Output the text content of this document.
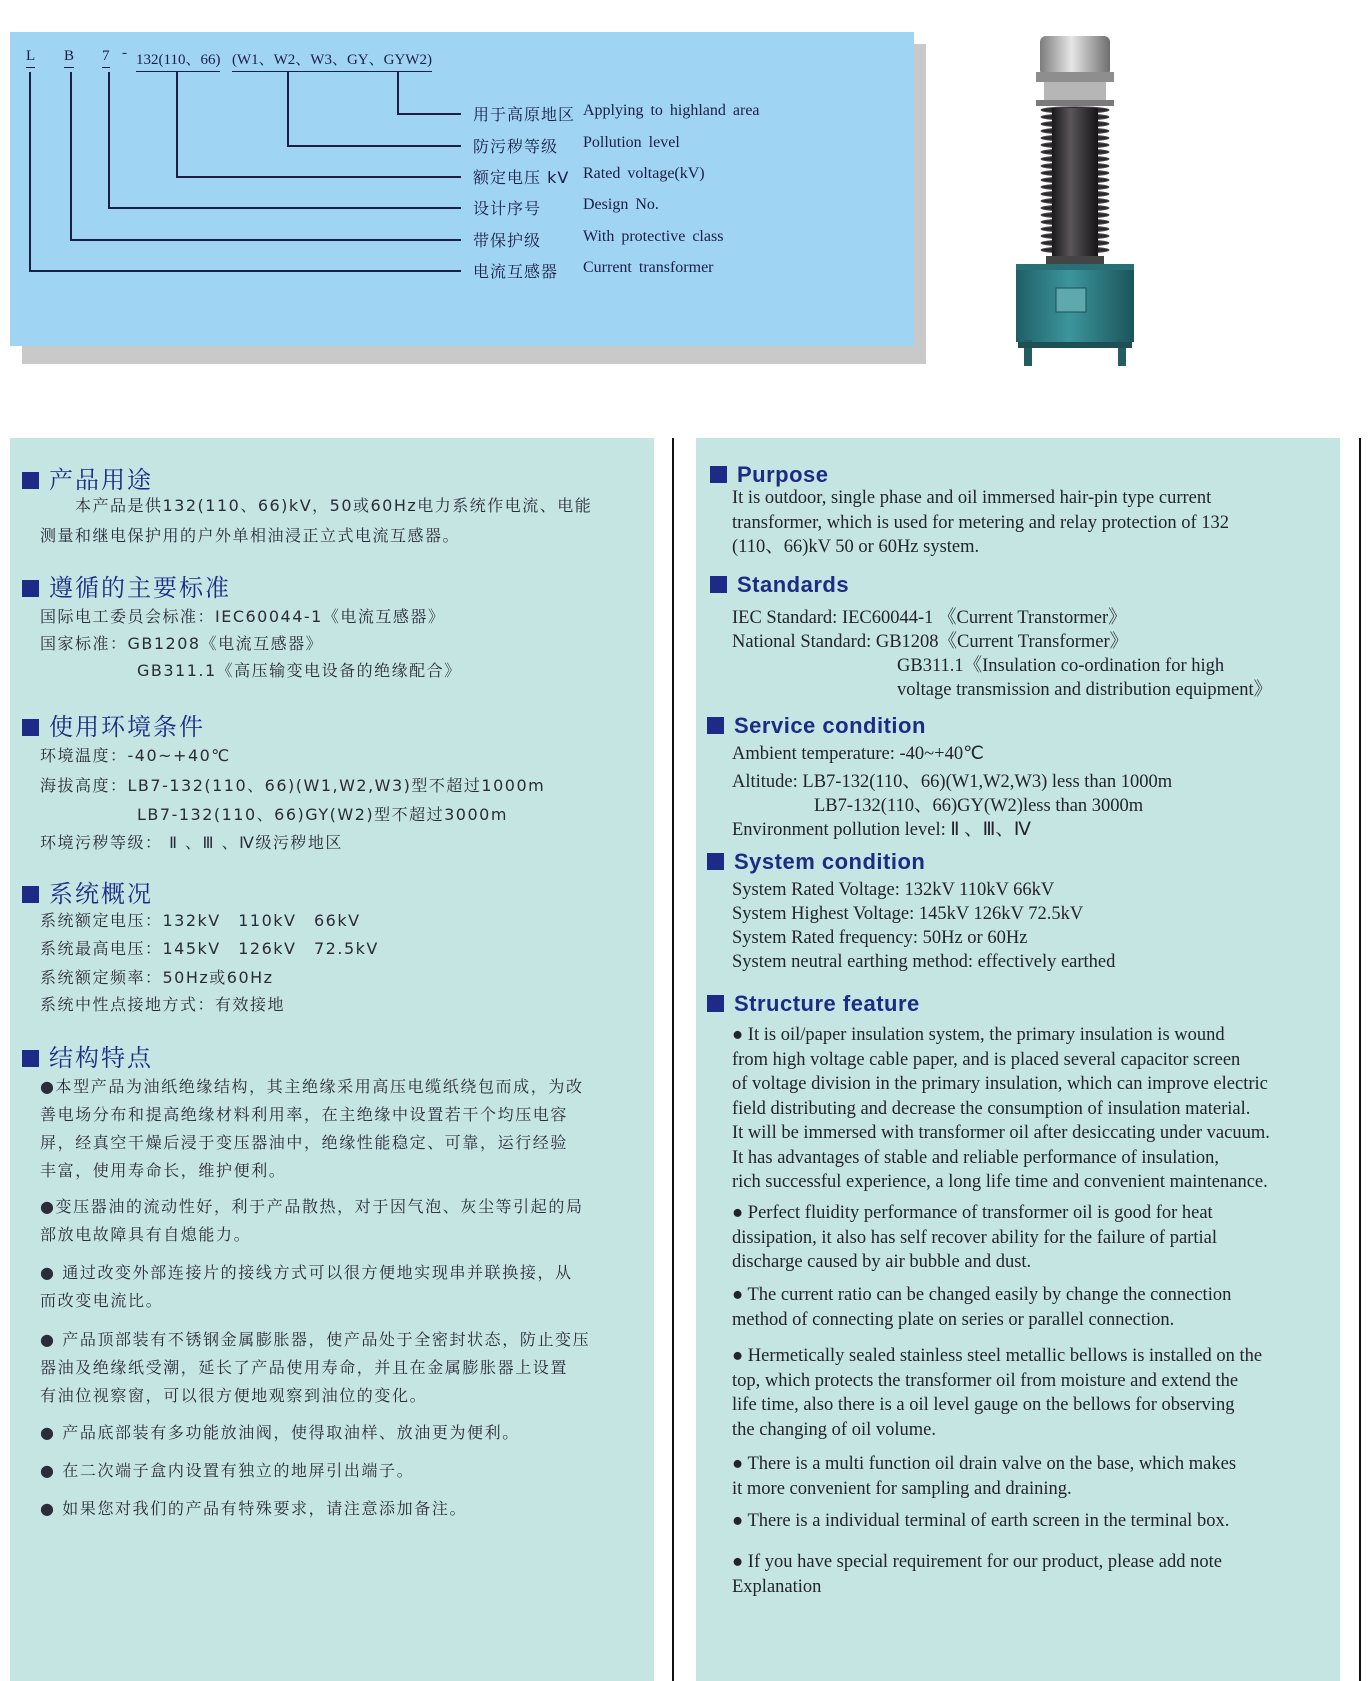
L B 7 - 132(110、66) (W1、W2、W3、GY、GYW2)
用于高原地区 Applying to highland area
防污秽等级 Pollution level
额定电压 kV Rated voltage(kV)
设计序号	Design No.
带保护级	With protective class
电流互感器 Current transformer
产品用途
　　本产品是供132(110、66)kV，50或60Hz电力系统作电流、电能
测量和继电保护用的户外单相油浸正立式电流互感器。
遵循的主要标准
国际电工委员会标准：IEC60044-1《电流互感器》
国家标准：GB1208《电流互感器》
GB311.1《高压输变电设备的绝缘配合》
使用环境条件
环境温度：-40~+40℃
海拔高度：LB7-132(110、66)(W1,W2,W3)型不超过1000m
LB7-132(110、66)GY(W2)型不超过3000m
环境污秽等级： Ⅱ 、Ⅲ 、Ⅳ级污秽地区
系统概况
系统额定电压：132kV　110kV　66kV
系统最高电压：145kV　126kV　72.5kV
系统额定频率：50Hz或60Hz
系统中性点接地方式：有效接地
结构特点
●本型产品为油纸绝缘结构，其主绝缘采用高压电缆纸绕包而成，为改
善电场分布和提高绝缘材料利用率，在主绝缘中设置若干个均压电容
屏，经真空干燥后浸于变压器油中，绝缘性能稳定、可靠，运行经验
丰富，使用寿命长，维护便利。
●变压器油的流动性好，利于产品散热，对于因气泡、灰尘等引起的局
部放电故障具有自熄能力。
● 通过改变外部连接片的接线方式可以很方便地实现串并联换接，从
而改变电流比。
● 产品顶部装有不锈钢金属膨胀器，使产品处于全密封状态，防止变压
器油及绝缘纸受潮，延长了产品使用寿命，并且在金属膨胀器上设置
有油位视察窗，可以很方便地观察到油位的变化。
● 产品底部装有多功能放油阀，使得取油样、放油更为便利。
● 在二次端子盒内设置有独立的地屏引出端子。
● 如果您对我们的产品有特殊要求，请注意添加备注。
Purpose
It is outdoor, single phase and oil immersed hair-pin type current
transformer, which is used for metering and relay protection of 132
(110、66)kV 50 or 60Hz system.
Standards
IEC Standard: IEC60044-1 《Current Transtormer》
National Standard: GB1208《Current Transformer》
GB311.1《Insulation co-ordination for high
voltage transmission and distribution equipment》
Service condition
Ambient temperature: -40~+40℃
Altitude: LB7-132(110、66)(W1,W2,W3) less than 1000m
LB7-132(110、66)GY(W2)less than 3000m
Environment pollution level: Ⅱ 、Ⅲ、Ⅳ
System condition
System Rated Voltage: 132kV 110kV 66kV
System Highest Voltage: 145kV 126kV 72.5kV
System Rated frequency: 50Hz or 60Hz
System neutral earthing method: effectively earthed
Structure feature
● It is oil/paper insulation system, the primary insulation is wound
from high voltage cable paper, and is placed several capacitor screen
of voltage division in the primary insulation, which can improve electric
field distributing and decrease the consumption of insulation material.
It will be immersed with transformer oil after desiccating under vacuum.
It has advantages of stable and reliable performance of insulation,
rich successful experience, a long life time and convenient maintenance.
● Perfect fluidity performance of transformer oil is good for heat
dissipation, it also has self recover ability for the failure of partial
discharge caused by air bubble and dust.
● The current ratio can be changed easily by change the connection
method of connecting plate on series or parallel connection.
● Hermetically sealed stainless steel metallic bellows is installed on the
top, which protects the transformer oil from moisture and extend the
life time, also there is a oil level gauge on the bellows for observing
the changing of oil volume.
● There is a multi function oil drain valve on the base, which makes
it more convenient for sampling and draining.
● There is a individual terminal of earth screen in the terminal box.
● If you have special requirement for our product, please add note
Explanation
